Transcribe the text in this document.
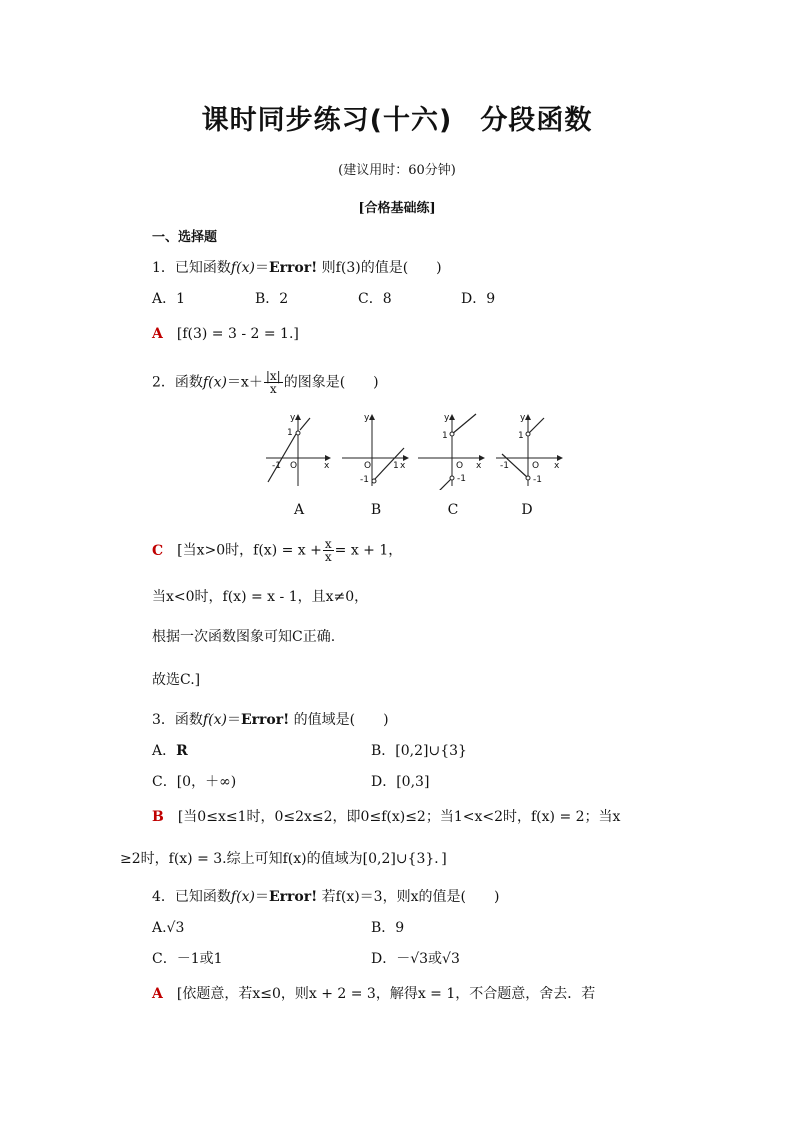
课时同步练习(十六) 分段函数
(建议用时：60分钟)
[合格基础练]
一、选择题
1．已知函数f(x)＝Error! 则f(3)的值是(　　)
A．1	B．2	C．8	D．9
A [f(3) = 3 - 2 = 1.]
2．函数$f(x)=x+ \frac{|x|}{x}$ 的图象是(　　)
1
-1 O	x
y
-1
1
O	x
y
1
-1
O x
y
1
-1
O
-1	x
y
A	B	C	D
C [当x>0时，$f(x) = x + \frac{x}{x} = x + 1$，
当x<0时，f(x) = x - 1，且x≠0，
根据一次函数图象可知C正确.
故选C.]
3．函数f(x)＝Error! 的值域是(　　)
A．R	B．[0,2]∪{3}
C．[0，＋∞)	D．[0,3]
B [当0≤x≤1时，0≤2x≤2，即0≤f(x)≤2；当1<x<2时，f(x) = 2；当x
≥2时，f(x) = 3.综上可知f(x)的值域为[0,2]∪{3}．]
4．已知函数f(x)＝Error! 若f(x)＝3，则x的值是(　　)
A.√3	B．9
C．－1或1	D．－√3或√3
A [依题意，若x≤0，则x + 2 = 3，解得x = 1，不合题意，舍去．若
